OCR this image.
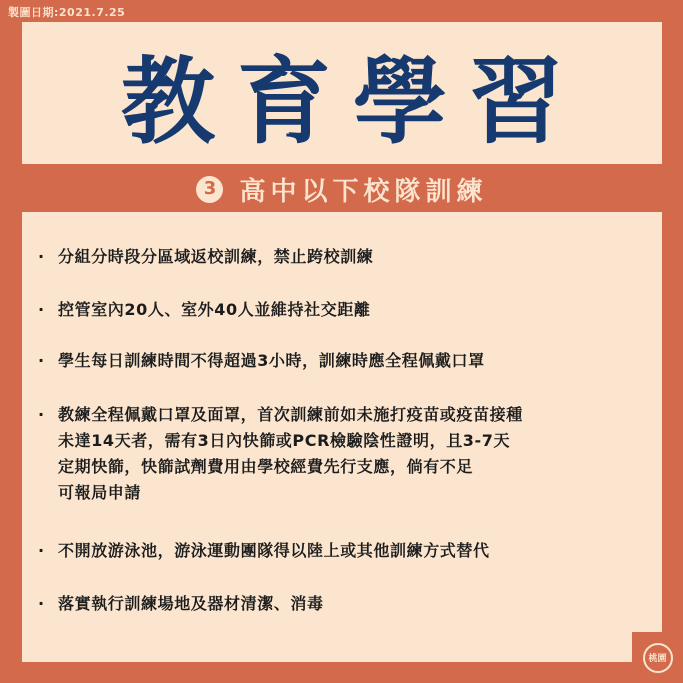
製圖日期:2021.7.25
教育學習
3 高中以下校隊訓練
· 分組分時段分區域返校訓練，禁止跨校訓練
· 控管室內20人、室外40人並維持社交距離
· 學生每日訓練時間不得超過3小時，訓練時應全程佩戴口罩
· 教練全程佩戴口罩及面罩，首次訓練前如未施打疫苗或疫苗接種
未達14天者，需有3日內快篩或PCR檢驗陰性證明，且3-7天
定期快篩，快篩試劑費用由學校經費先行支應，倘有不足
可報局申請
· 不開放游泳池，游泳運動團隊得以陸上或其他訓練方式替代
· 落實執行訓練場地及器材清潔、消毒
桃園
